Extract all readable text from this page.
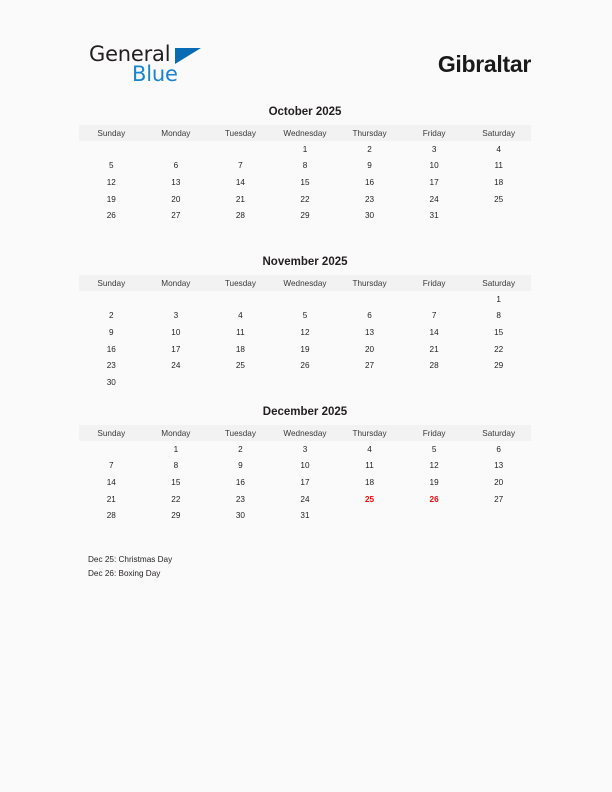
General
Blue	Gibraltar
October 2025
Sunday	Monday	Tuesday	Wednesday	Thursday	Friday	Saturday
			1	2	3	4
5	6	7	8	9	10	11
12	13	14	15	16	17	18
19	20	21	22	23	24	25
26	27	28	29	30	31	
November 2025
Sunday	Monday	Tuesday	Wednesday	Thursday	Friday	Saturday
						1
2	3	4	5	6	7	8
9	10	11	12	13	14	15
16	17	18	19	20	21	22
23	24	25	26	27	28	29
30						
December 2025
Sunday	Monday	Tuesday	Wednesday	Thursday	Friday	Saturday
	1	2	3	4	5	6
7	8	9	10	11	12	13
14	15	16	17	18	19	20
21	22	23	24	25	26	27
28	29	30	31			
Dec 25: Christmas Day
Dec 26: Boxing Day
